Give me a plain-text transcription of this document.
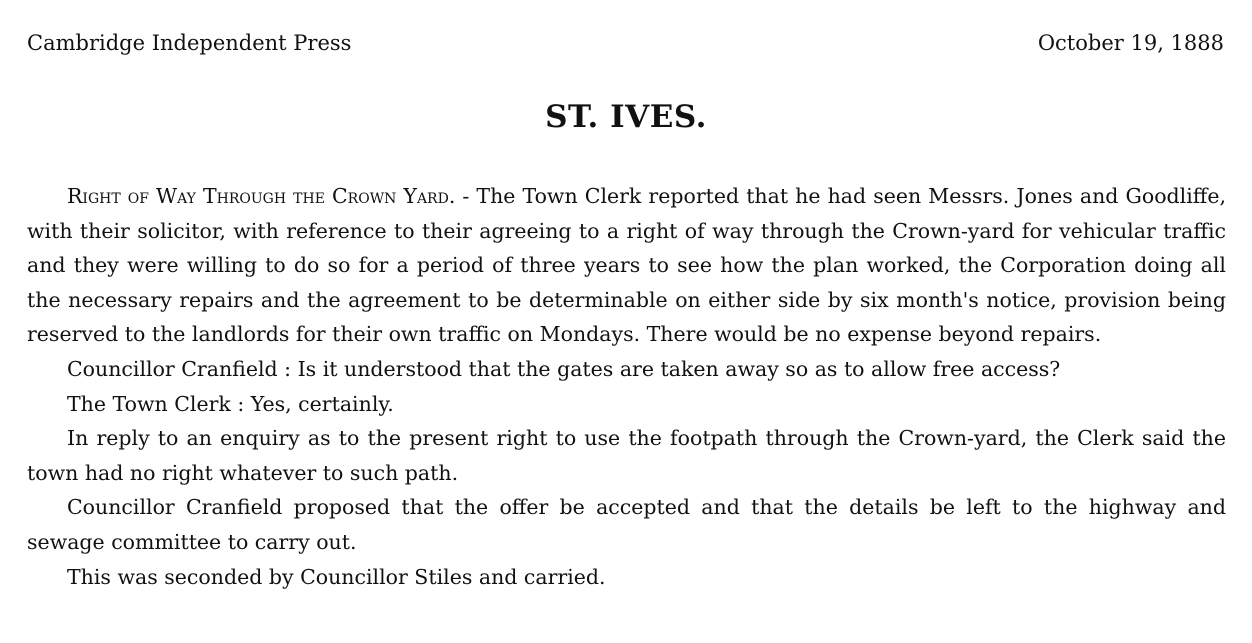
Cambridge Independent Press	October 19, 1888
ST. IVES.

Right of Way Through the Crown Yard. - The Town Clerk reported that he had seen Messrs. Jones and Goodliffe, with their solicitor, with reference to their agreeing to a right of way through the Crown-yard for vehicular traffic and they were willing to do so for a period of three years to see how the plan worked, the Corporation doing all the necessary repairs and the agreement to be determinable on either side by six month's notice, provision being reserved to the landlords for their own traffic on Mondays. There would be no expense beyond repairs.

Councillor Cranfield : Is it understood that the gates are taken away so as to allow free access?

The Town Clerk : Yes, certainly.

In reply to an enquiry as to the present right to use the footpath through the Crown-yard, the Clerk said the town had no right whatever to such path.

Councillor Cranfield proposed that the offer be accepted and that the details be left to the highway and sewage committee to carry out.

This was seconded by Councillor Stiles and carried.
